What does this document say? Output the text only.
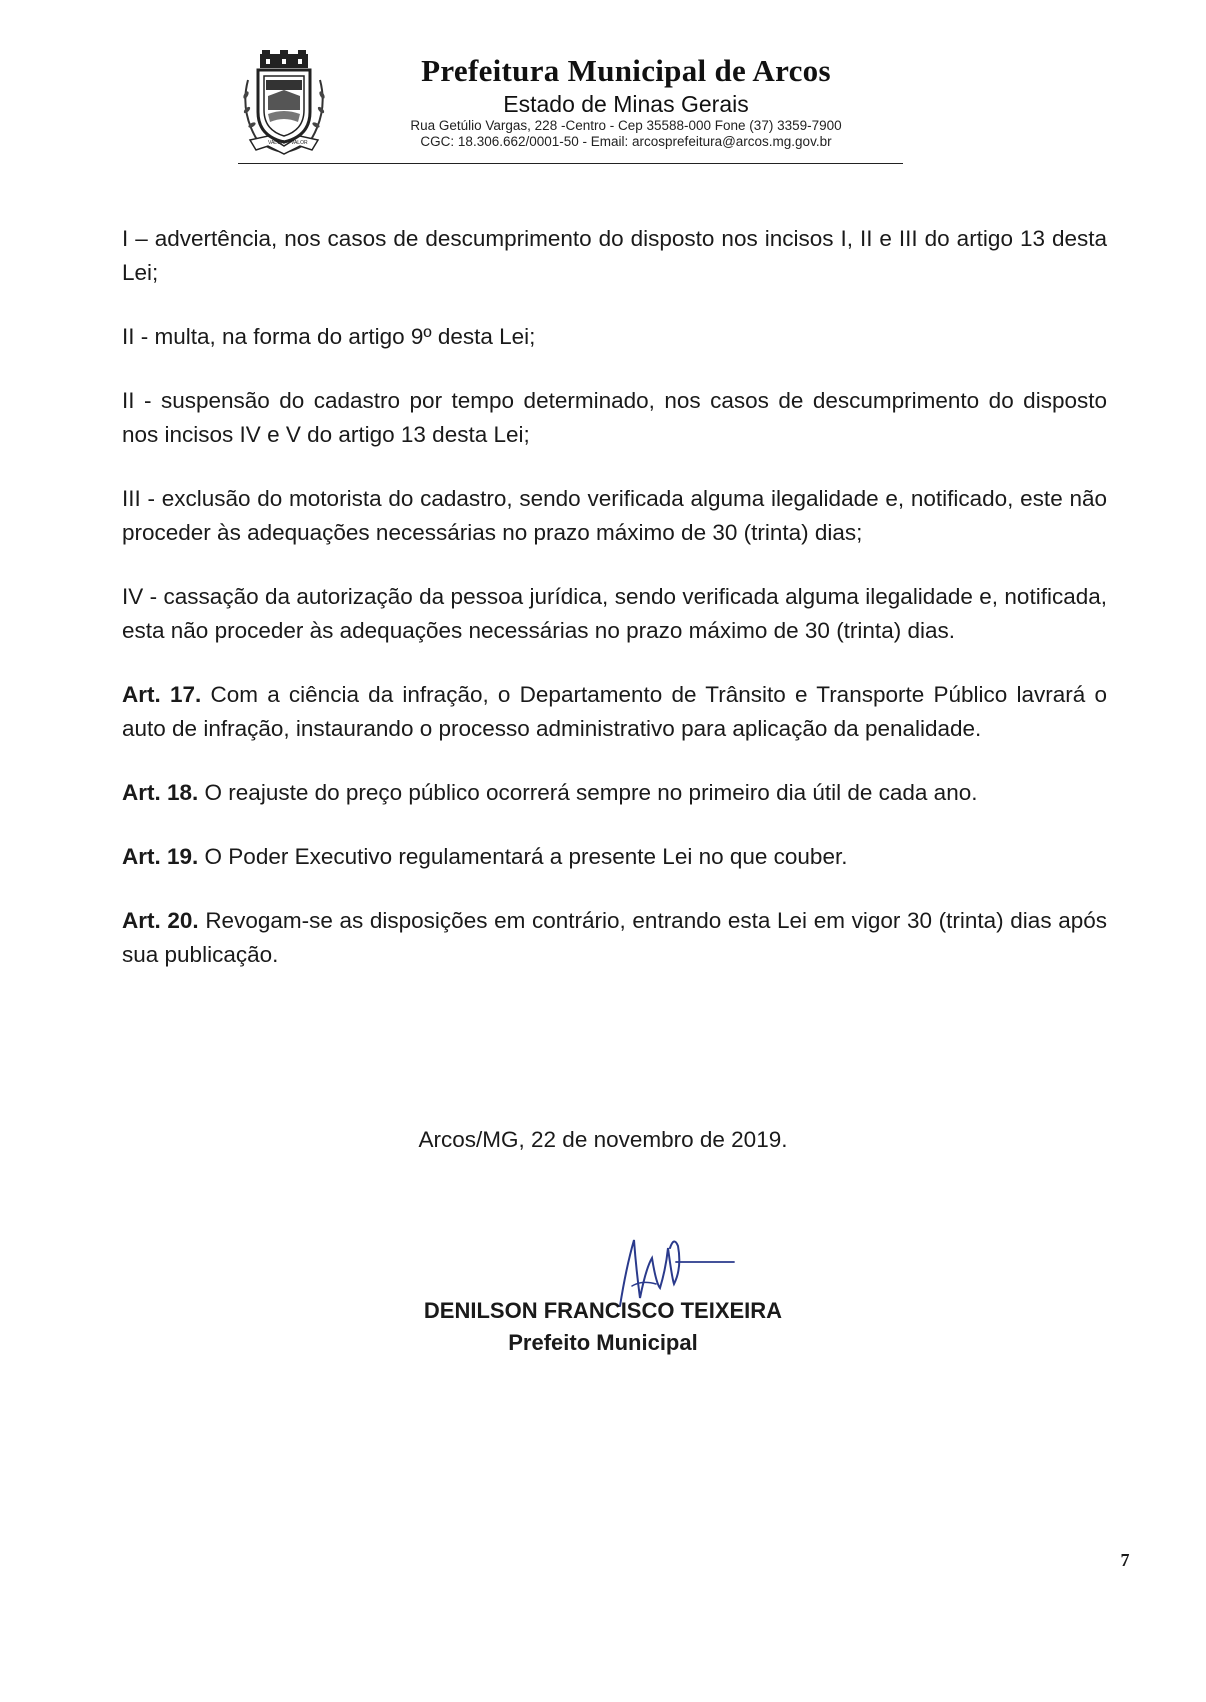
VALOR VALOR
Prefeitura Municipal de Arcos
Estado de Minas Gerais
Rua Getúlio Vargas, 228 -Centro - Cep 35588-000 Fone (37) 3359-7900
CGC: 18.306.662/0001-50 - Email: arcosprefeitura@arcos.mg.gov.br

I – advertência, nos casos de descumprimento do disposto nos incisos I, II e III do artigo 13 desta Lei;

II - multa, na forma do artigo 9º desta Lei;

II - suspensão do cadastro por tempo determinado, nos casos de descumprimento do disposto nos incisos IV e V do artigo 13 desta Lei;

III - exclusão do motorista do cadastro, sendo verificada alguma ilegalidade e, notificado, este não proceder às adequações necessárias no prazo máximo de 30 (trinta) dias;

IV - cassação da autorização da pessoa jurídica, sendo verificada alguma ilegalidade e, notificada, esta não proceder às adequações necessárias no prazo máximo de 30 (trinta) dias.

Art. 17. Com a ciência da infração, o Departamento de Trânsito e Transporte Público lavrará o auto de infração, instaurando o processo administrativo para aplicação da penalidade.

Art. 18. O reajuste do preço público ocorrerá sempre no primeiro dia útil de cada ano.

Art. 19. O Poder Executivo regulamentará a presente Lei no que couber.

Art. 20. Revogam-se as disposições em contrário, entrando esta Lei em vigor 30 (trinta) dias após sua publicação.

Arcos/MG, 22 de novembro de 2019.
DENILSON FRANCISCO TEIXEIRA
Prefeito Municipal
7
